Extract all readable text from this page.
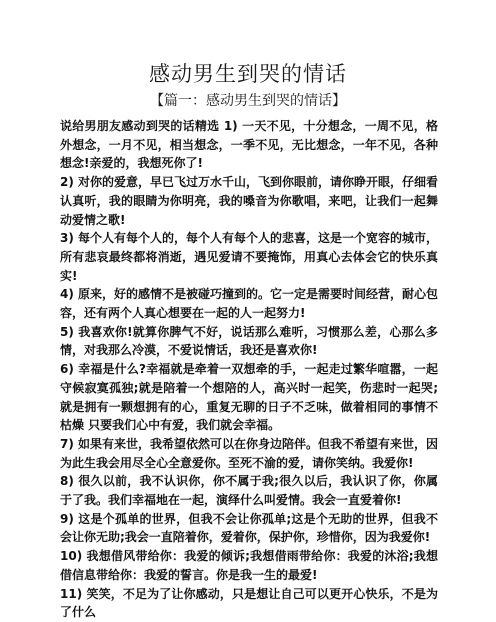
感动男生到哭的情话
【篇一：感动男生到哭的情话】

说给男朋友感动到哭的话精选 1) 一天不见，十分想念，一周不见，格外想念，一月不见，相当想念，一季不见，无比想念，一年不见，各种想念!亲爱的，我想死你了!

2) 对你的爱意，早已飞过万水千山，飞到你眼前，请你睁开眼，仔细看认真听，我的眼睛为你明亮，我的嗓音为你歌唱，来吧，让我们一起舞动爱情之歌!

3) 每个人有每个人的，每个人有每个人的悲喜，这是一个宽容的城市，所有悲哀最终都将消逝，遇见爱请不要掩饰，用真心去体会它的快乐真实!

4) 原来，好的感情不是被碰巧撞到的。它一定是需要时间经营，耐心包容，还有两个人真心想要在一起的人一起努力!

5) 我喜欢你!就算你脾气不好，说话那么难听，习惯那么差，心那么多情，对我那么冷漠，不爱说情话，我还是喜欢你!

6) 幸福是什么?幸福就是牵着一双想牵的手，一起走过繁华喧嚣，一起守候寂寞孤独;就是陪着一个想陪的人，高兴时一起笑，伤悲时一起哭;就是拥有一颗想拥有的心，重复无聊的日子不乏味，做着相同的事情不枯燥 只要我们心中有爱，我们就会幸福。

7) 如果有来世，我希望依然可以在你身边陪伴。但我不希望有来世，因为此生我会用尽全心全意爱你。至死不渝的爱，请你笑纳。我爱你!

8) 很久以前，我不认识你，你不属于我;很久以后，我认识了你，你属于了我。我们幸福地在一起，演绎什么叫爱情。我会一直爱着你!

9) 这是个孤单的世界，但我不会让你孤单;这是个无助的世界，但我不会让你无助;我会一直陪着你，爱着你，保护你，珍惜你，因为我爱你!

10) 我想借风带给你：我爱的倾诉;我想借雨带给你：我爱的沐浴;我想借信息带给你：我爱的誓言。你是我一生的最爱!

11) 笑笑，不足为了让你感动，只是想让自己可以更开心快乐，不是为了什么
